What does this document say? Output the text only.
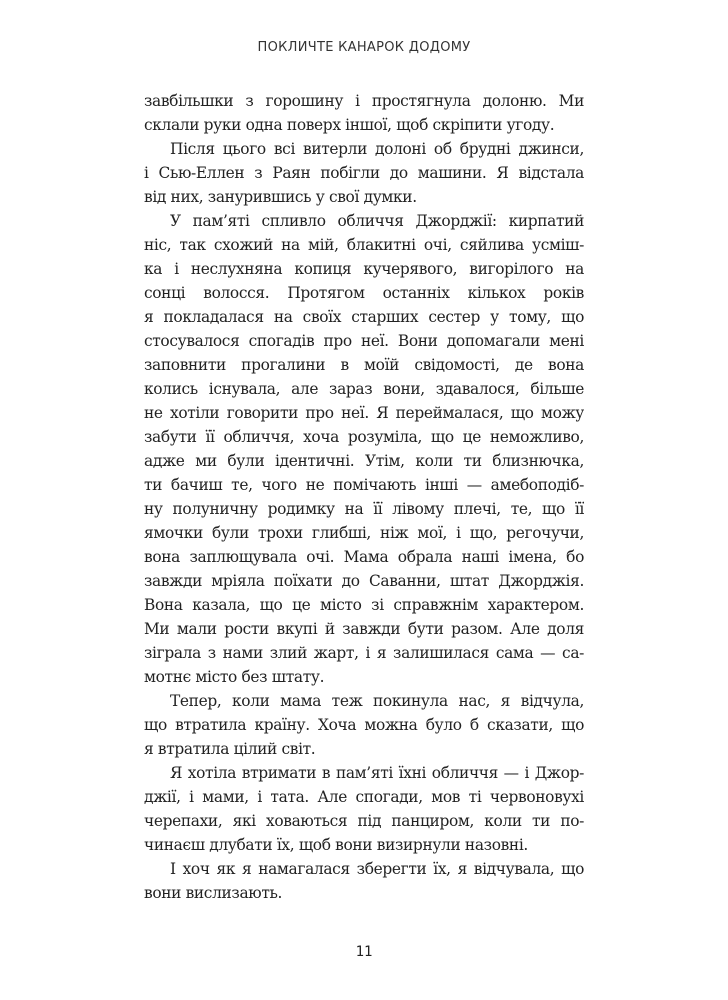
ПОКЛИЧТЕ КАНАРОК ДОДОМУ
завбільшки з горошину і простягнула долоню. Ми
склали руки одна поверх іншої, щоб скріпити угоду.
Після цього всі витерли долоні об брудні джинси,
і Сью-Еллен з Раян побігли до машини. Я відстала
від них, занурившись у свої думки.
У пам’яті спливло обличчя Джорджії: кирпатий
ніс, так схожий на мій, блакитні очі, сяйлива усміш-
ка і неслухняна копиця кучерявого, вигорілого на
сонці волосся. Протягом останніх кількох років
я покладалася на своїх старших сестер у тому, що
стосувалося спогадів про неї. Вони допомагали мені
заповнити прогалини в моїй свідомості, де вона
колись існувала, але зараз вони, здавалося, більше
не хотіли говорити про неї. Я переймалася, що можу
забути її обличчя, хоча розуміла, що це неможливо,
адже ми були ідентичні. Утім, коли ти близнючка,
ти бачиш те, чого не помічають інші — амебоподіб-
ну полуничну родимку на її лівому плечі, те, що її
ямочки були трохи глибші, ніж мої, і що, регочучи,
вона заплющувала очі. Мама обрала наші імена, бо
завжди мріяла поїхати до Саванни, штат Джорджія.
Вона казала, що це місто зі справжнім характером.
Ми мали рости вкупі й завжди бути разом. Але доля
зіграла з нами злий жарт, і я залишилася сама — са-
мотнє місто без штату.
Тепер, коли мама теж покинула нас, я відчула,
що втратила країну. Хоча можна було б сказати, що
я втратила цілий світ.
Я хотіла втримати в пам’яті їхні обличчя — і Джор-
джії, і мами, і тата. Але спогади, мов ті червоновухі
черепахи, які ховаються під панциром, коли ти по-
чинаєш длубати їх, щоб вони визирнули назовні.
І хоч як я намагалася зберегти їх, я відчувала, що
вони вислизають.
11
